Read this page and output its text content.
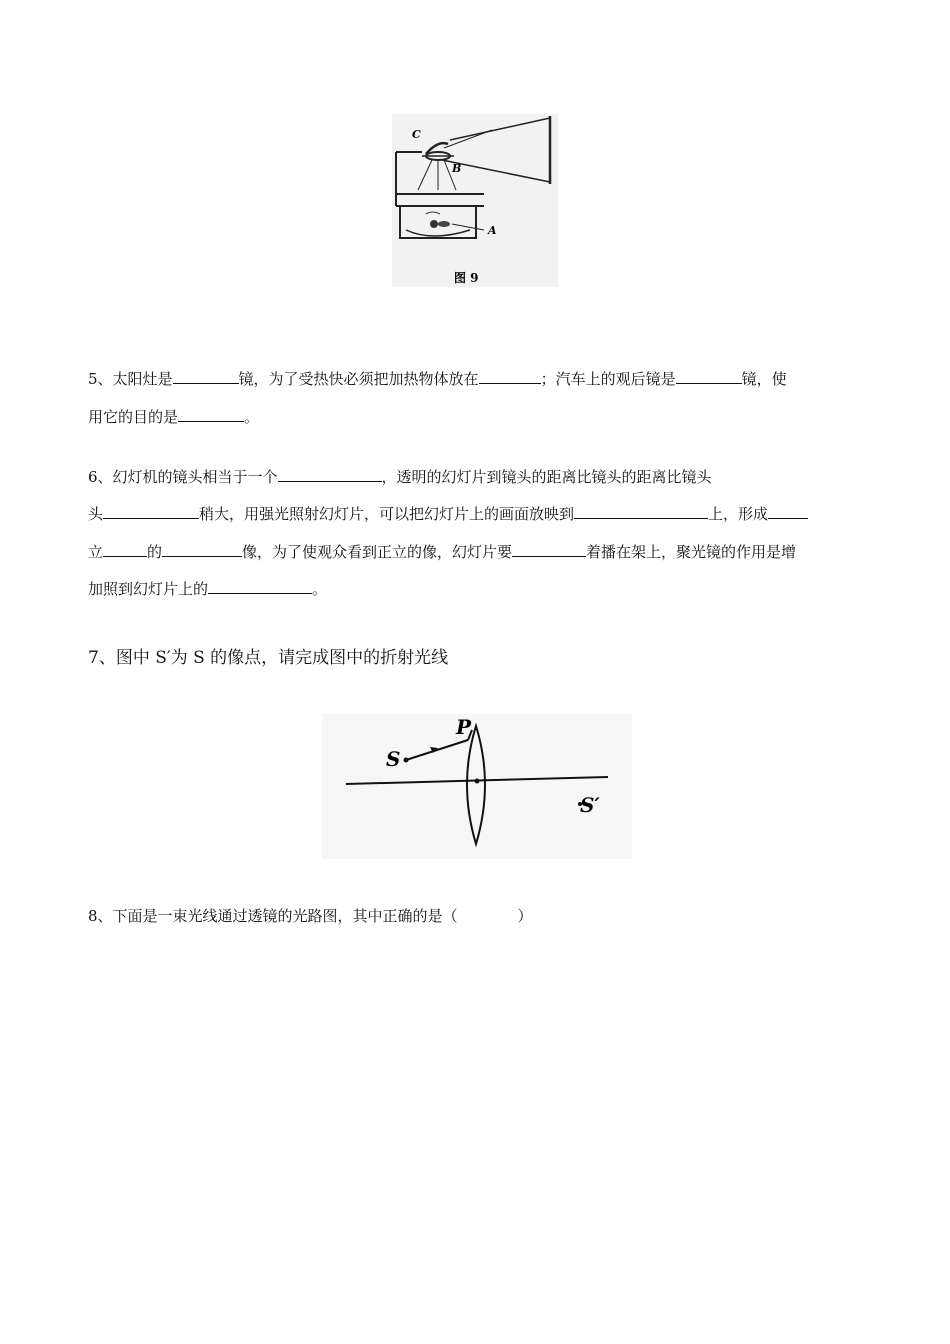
C
B
A
图 9
5、太阳灶是	镜，为了受热快必须把加热物体放在	；汽车上的观后镜是	镜，使
用它的目的是	。
6、幻灯机的镜头相当于一个	，透明的幻灯片到镜头的距离比镜头的距离比镜头
头	稍大，用强光照射幻灯片，可以把幻灯片上的画面放映到	上，形成
立	的	像，为了使观众看到正立的像，幻灯片要	着播在架上，聚光镜的作用是增
加照到幻灯片上的	。
7、图中 S′为 S 的像点，请完成图中的折射光线
S
P
S′
8、下面是一束光线通过透镜的光路图，其中正确的是（　　　　）
